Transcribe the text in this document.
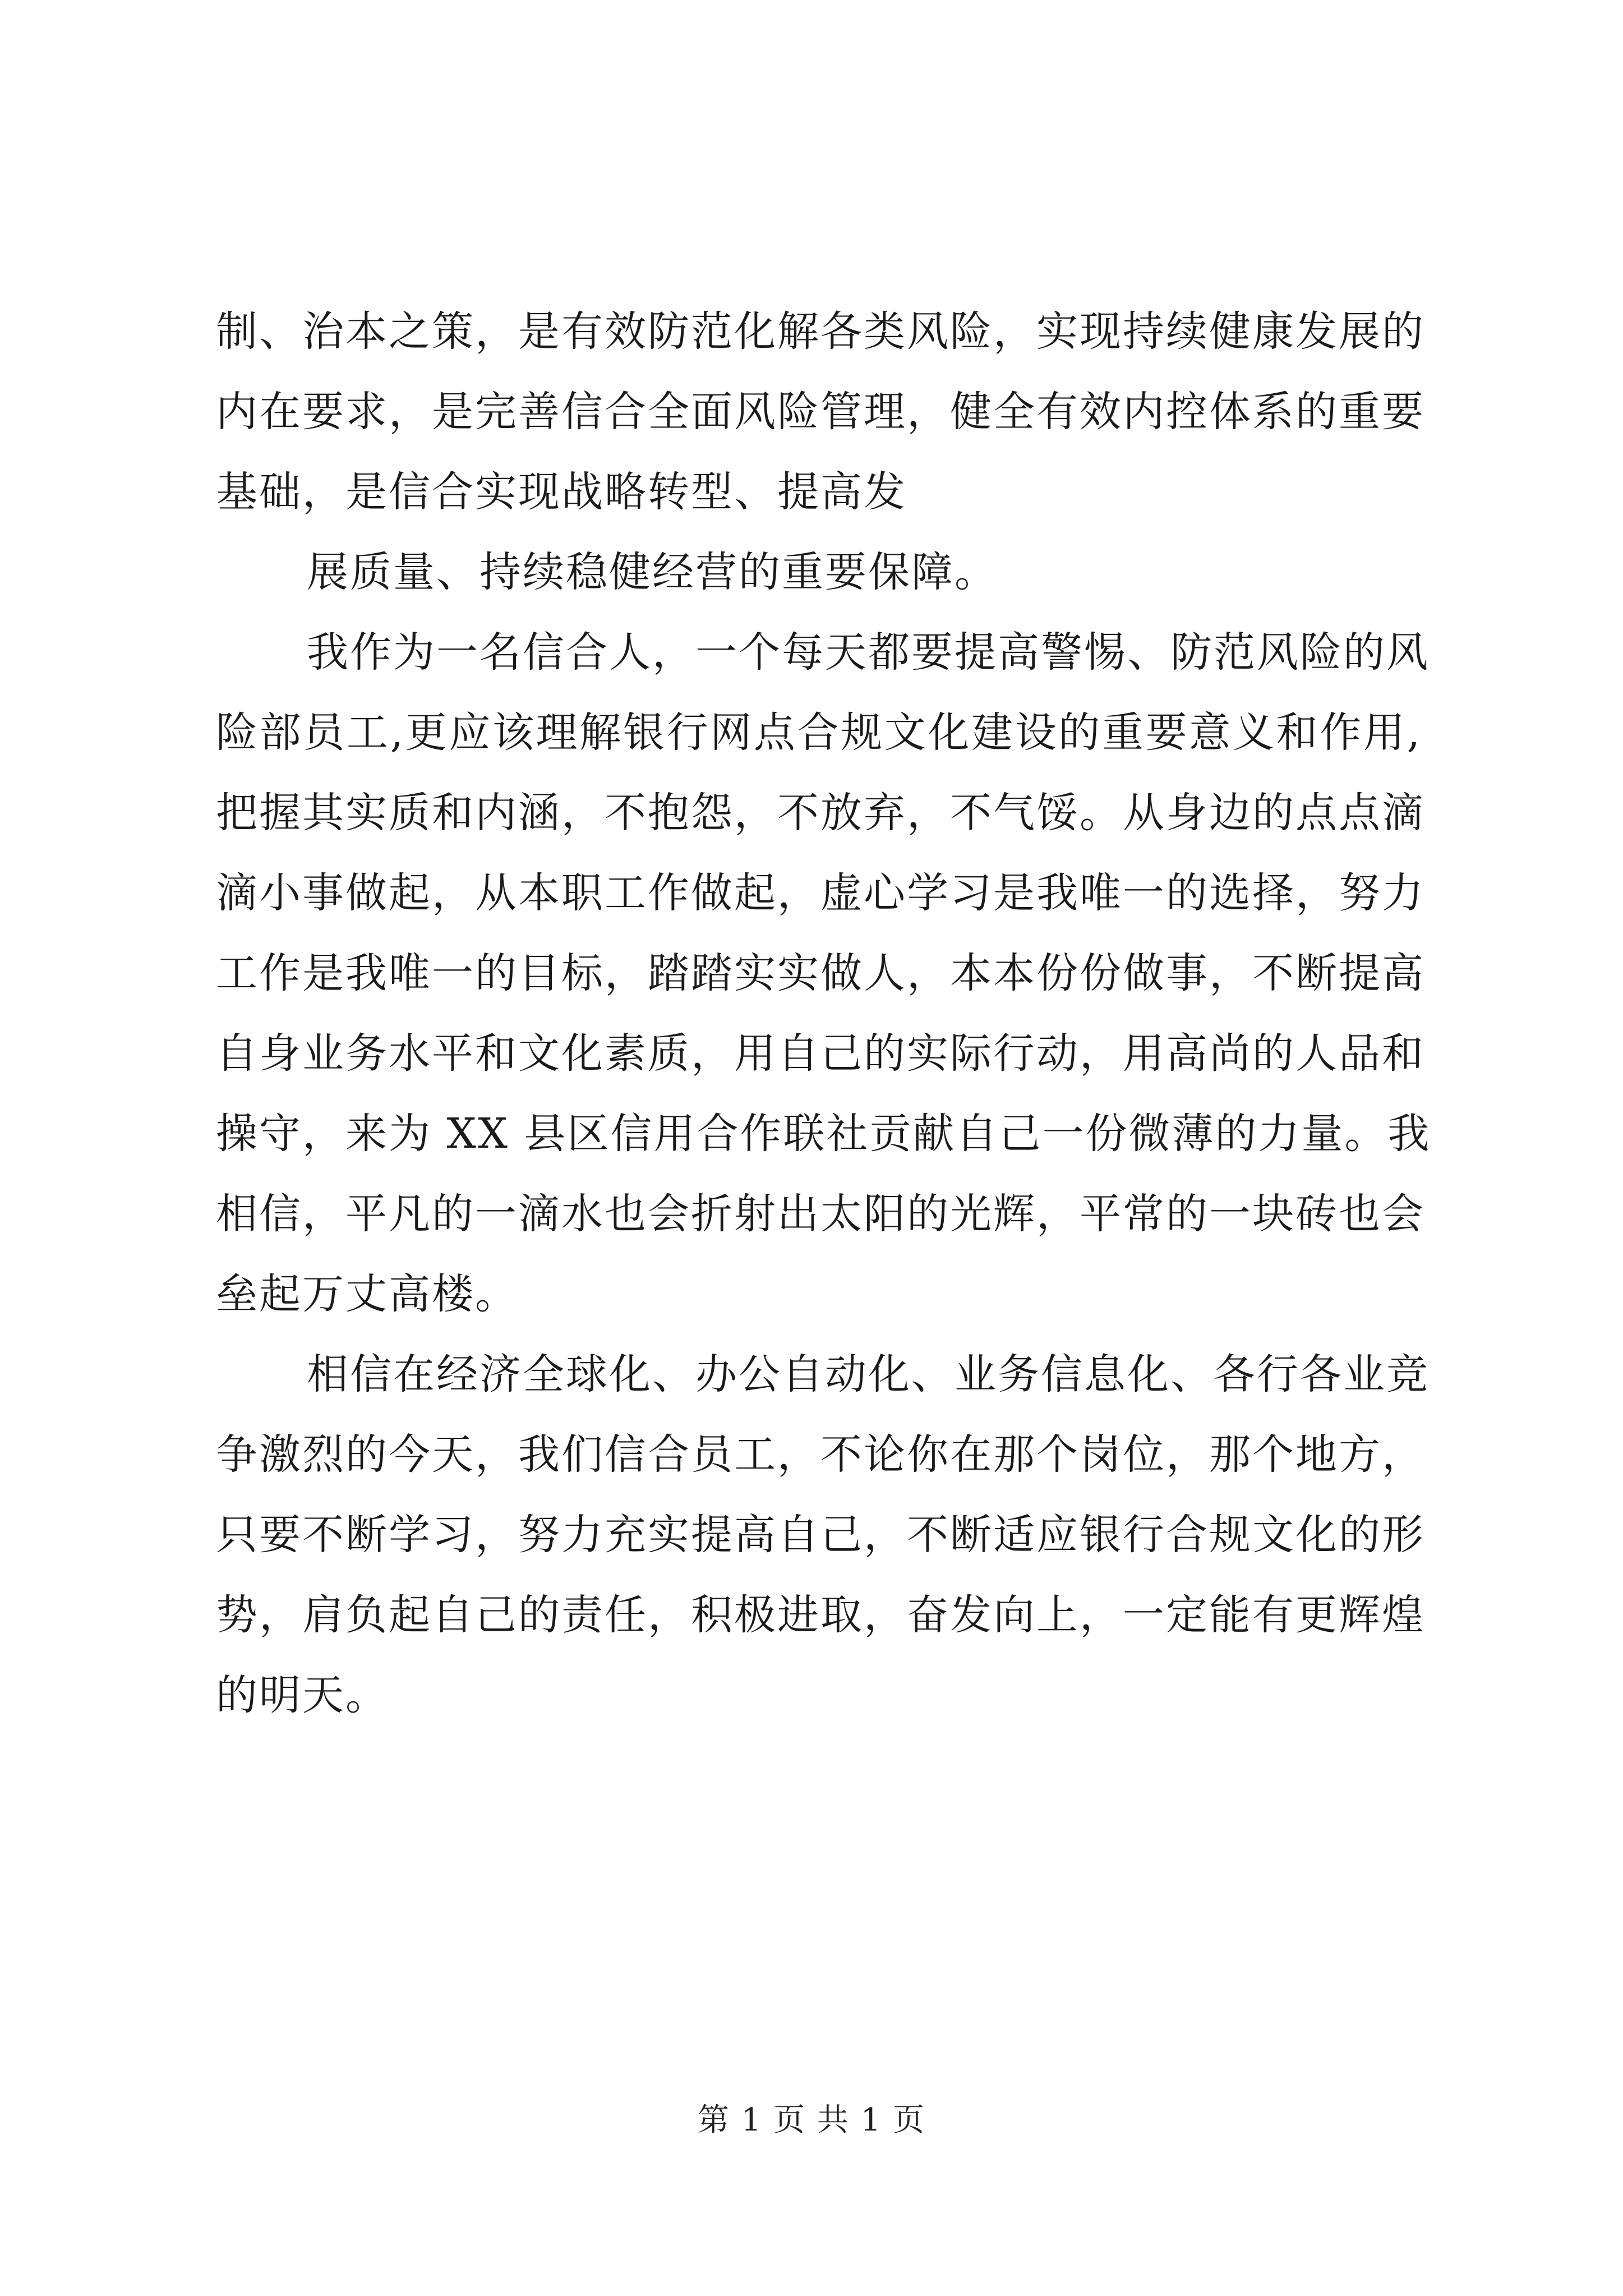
制、治本之策，是有效防范化解各类风险，实现持续健康发展的
内在要求，是完善信合全面风险管理，健全有效内控体系的重要
基础，是信合实现战略转型、提高发
展质量、持续稳健经营的重要保障。
我作为一名信合人，一个每天都要提高警惕、防范风险的风
险部员工,更应该理解银行网点合规文化建设的重要意义和作用,
把握其实质和内涵，不抱怨，不放弃，不气馁。从身边的点点滴
滴小事做起，从本职工作做起，虚心学习是我唯一的选择，努力
工作是我唯一的目标，踏踏实实做人，本本份份做事，不断提高
自身业务水平和文化素质，用自己的实际行动，用高尚的人品和
操守，来为 XX 县区信用合作联社贡献自己一份微薄的力量。我
相信，平凡的一滴水也会折射出太阳的光辉，平常的一块砖也会
垒起万丈高楼。
相信在经济全球化、办公自动化、业务信息化、各行各业竞
争激烈的今天，我们信合员工，不论你在那个岗位，那个地方，
只要不断学习，努力充实提高自己，不断适应银行合规文化的形
势，肩负起自己的责任，积极进取，奋发向上，一定能有更辉煌
的明天。
第 1 页 共 1 页
